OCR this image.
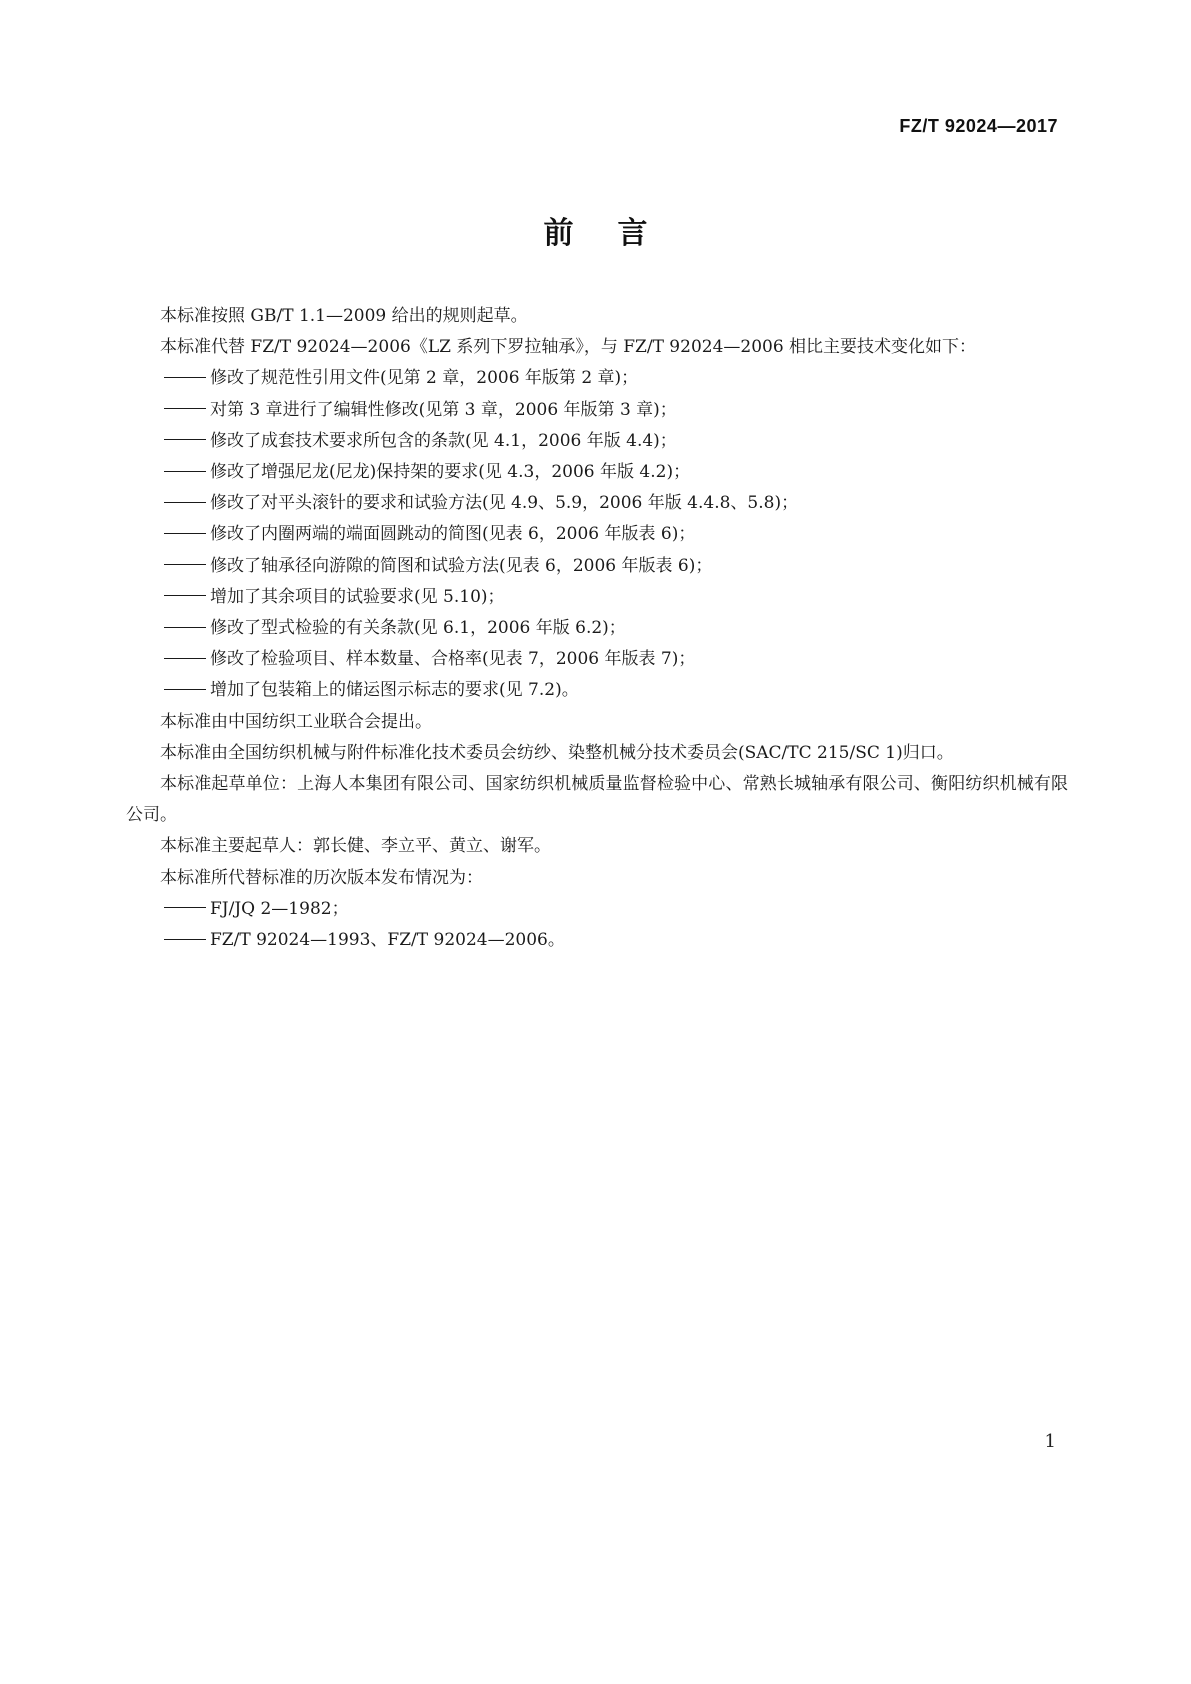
FZ/T 92024—2017
前言

本标准按照 GB/T 1.1—2009 给出的规则起草。

本标准代替 FZ/T 92024—2006《LZ 系列下罗拉轴承》，与 FZ/T 92024—2006 相比主要技术变化如下：

修改了规范性引用文件(见第 2 章，2006 年版第 2 章)；

对第 3 章进行了编辑性修改(见第 3 章，2006 年版第 3 章)；

修改了成套技术要求所包含的条款(见 4.1，2006 年版 4.4)；

修改了增强尼龙(尼龙)保持架的要求(见 4.3，2006 年版 4.2)；

修改了对平头滚针的要求和试验方法(见 4.9、5.9，2006 年版 4.4.8、5.8)；

修改了内圈两端的端面圆跳动的简图(见表 6，2006 年版表 6)；

修改了轴承径向游隙的简图和试验方法(见表 6，2006 年版表 6)；

增加了其余项目的试验要求(见 5.10)；

修改了型式检验的有关条款(见 6.1，2006 年版 6.2)；

修改了检验项目、样本数量、合格率(见表 7，2006 年版表 7)；

增加了包装箱上的储运图示标志的要求(见 7.2)。

本标准由中国纺织工业联合会提出。

本标准由全国纺织机械与附件标准化技术委员会纺纱、染整机械分技术委员会(SAC/TC 215/SC 1)归口。

本标准起草单位：上海人本集团有限公司、国家纺织机械质量监督检验中心、常熟长城轴承有限公司、衡阳纺织机械有限公司。

本标准主要起草人：郭长健、李立平、黄立、谢军。

本标准所代替标准的历次版本发布情况为：

FJ/JQ 2—1982；

FZ/T 92024—1993、FZ/T 92024—2006。

1
